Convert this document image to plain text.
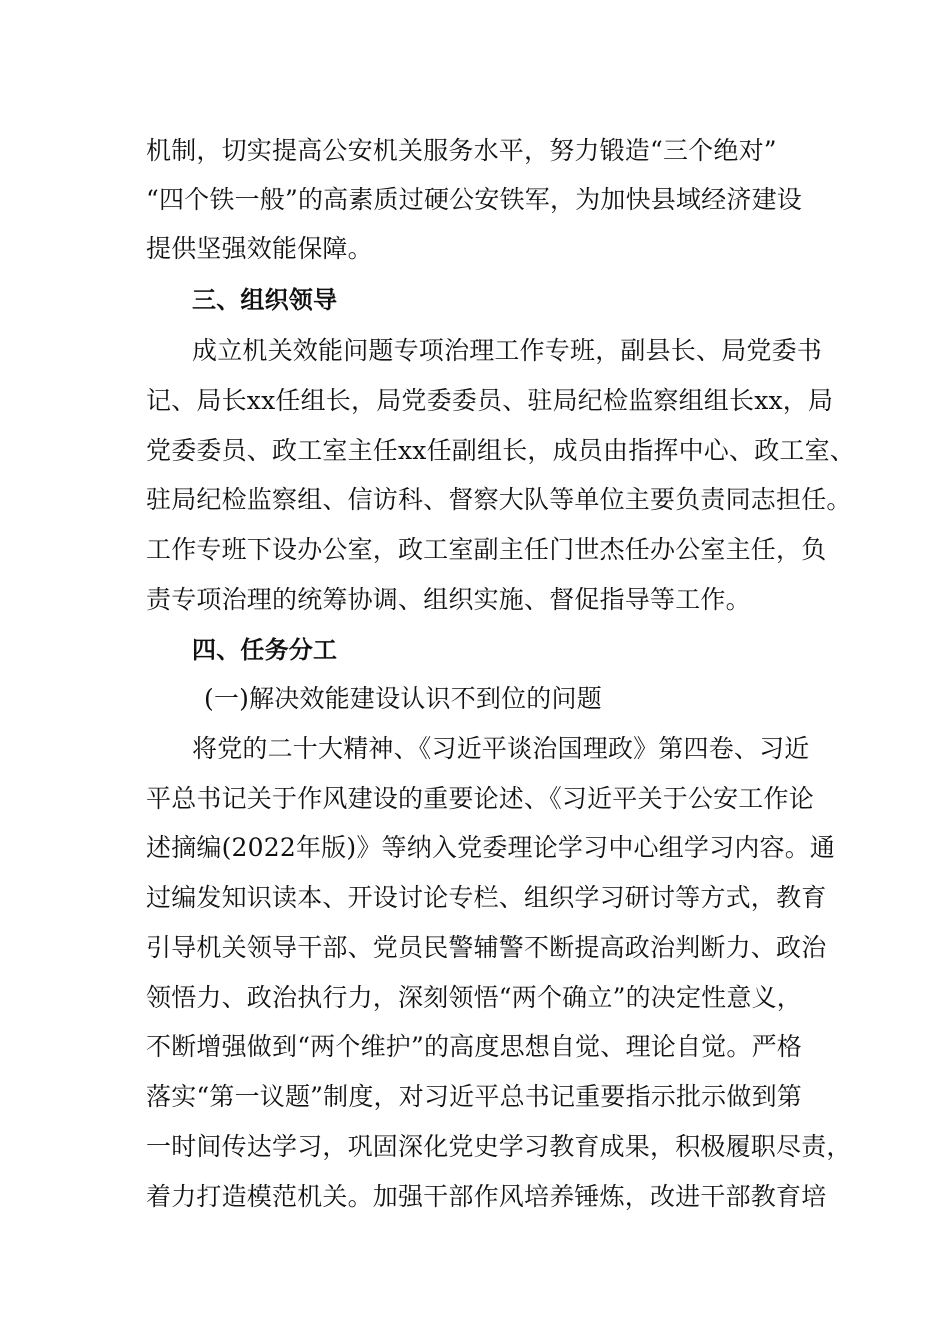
机制，切实提高公安机关服务水平，努力锻造“三个绝对”
“四个铁一般”的高素质过硬公安铁军，为加快县域经济建设
提供坚强效能保障。
三、组织领导
成立机关效能问题专项治理工作专班，副县长、局党委书
记、局长xx任组长，局党委委员、驻局纪检监察组组长xx，局
党委委员、政工室主任xx任副组长，成员由指挥中心、政工室、
驻局纪检监察组、信访科、督察大队等单位主要负责同志担任。
工作专班下设办公室，政工室副主任门世杰任办公室主任，负
责专项治理的统筹协调、组织实施、督促指导等工作。
四、任务分工
(一)解决效能建设认识不到位的问题
将党的二十大精神、《习近平谈治国理政》第四卷、习近
平总书记关于作风建设的重要论述、《习近平关于公安工作论
述摘编(2022年版)》等纳入党委理论学习中心组学习内容。通
过编发知识读本、开设讨论专栏、组织学习研讨等方式，教育
引导机关领导干部、党员民警辅警不断提高政治判断力、政治
领悟力、政治执行力，深刻领悟“两个确立”的决定性意义，
不断增强做到“两个维护”的高度思想自觉、理论自觉。严格
落实“第一议题”制度，对习近平总书记重要指示批示做到第
一时间传达学习，巩固深化党史学习教育成果，积极履职尽责，
着力打造模范机关。加强干部作风培养锤炼，改进干部教育培
